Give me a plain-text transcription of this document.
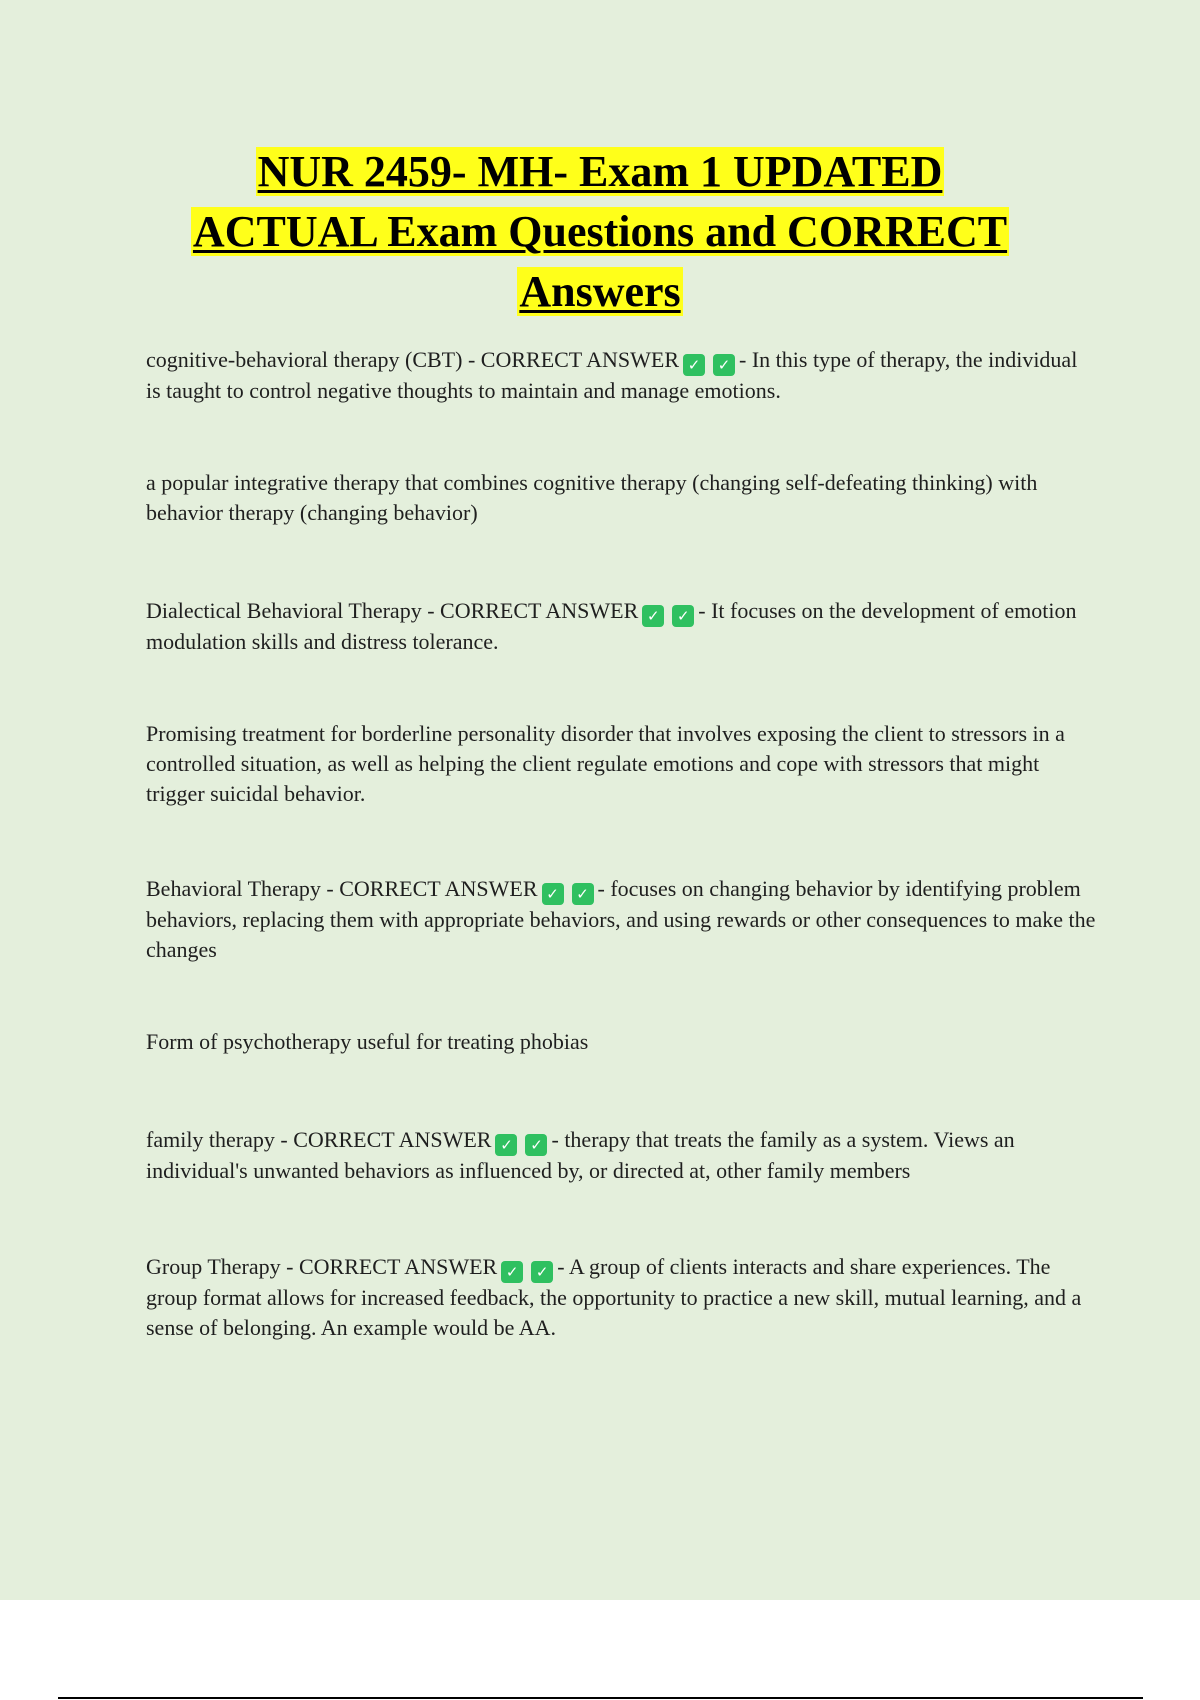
NUR 2459- MH- Exam 1 UPDATED
ACTUAL Exam Questions and CORRECT
Answers
cognitive-behavioral therapy (CBT) - CORRECT ANSWER ✓ ✓ - In this type of therapy, the individual is taught to control negative thoughts to maintain and manage emotions.
a popular integrative therapy that combines cognitive therapy (changing self-defeating thinking) with behavior therapy (changing behavior)
Dialectical Behavioral Therapy - CORRECT ANSWER ✓ ✓ - It focuses on the development of emotion modulation skills and distress tolerance.
Promising treatment for borderline personality disorder that involves exposing the client to stressors in a controlled situation, as well as helping the client regulate emotions and cope with stressors that might trigger suicidal behavior.
Behavioral Therapy - CORRECT ANSWER ✓ ✓ - focuses on changing behavior by identifying problem behaviors, replacing them with appropriate behaviors, and using rewards or other consequences to make the changes
Form of psychotherapy useful for treating phobias
family therapy - CORRECT ANSWER ✓ ✓ - therapy that treats the family as a system. Views an individual's unwanted behaviors as influenced by, or directed at, other family members
Group Therapy - CORRECT ANSWER ✓ ✓ - A group of clients interacts and share experiences. The group format allows for increased feedback, the opportunity to practice a new skill, mutual learning, and a sense of belonging. An example would be AA.
